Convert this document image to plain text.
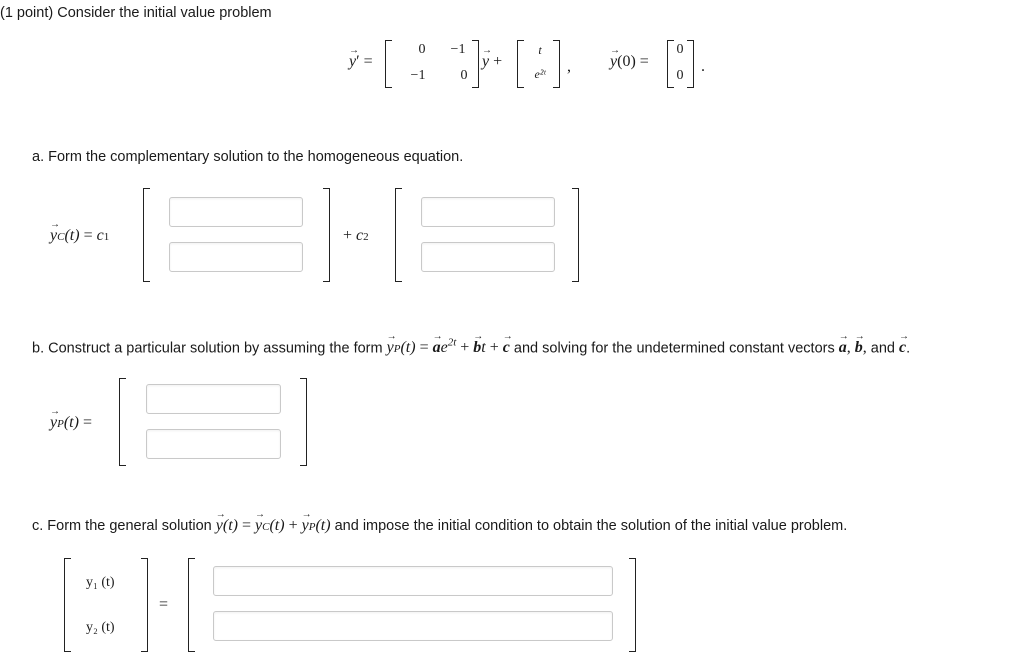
(1 point) Consider the initial value problem
→ y′ =
0	−1
−1	0
→ y +
t
e²ᵗ	, → y(0) =
0
0
.
a. Form the complementary solution to the homogeneous equation.
→ yC(t) = c1	+ c2
b. Construct a particular solution by assuming the form → yP(t) = → $ae^{2t}$ + → bt + → c and solving for the undetermined constant vectors → a, → b, and → c.
→ yP(t) =
c. Form the general solution → y(t) = → yC(t) + → yP(t) and impose the initial condition to obtain the solution of the initial value problem.
y₁ (t)
y₂ (t)
=
